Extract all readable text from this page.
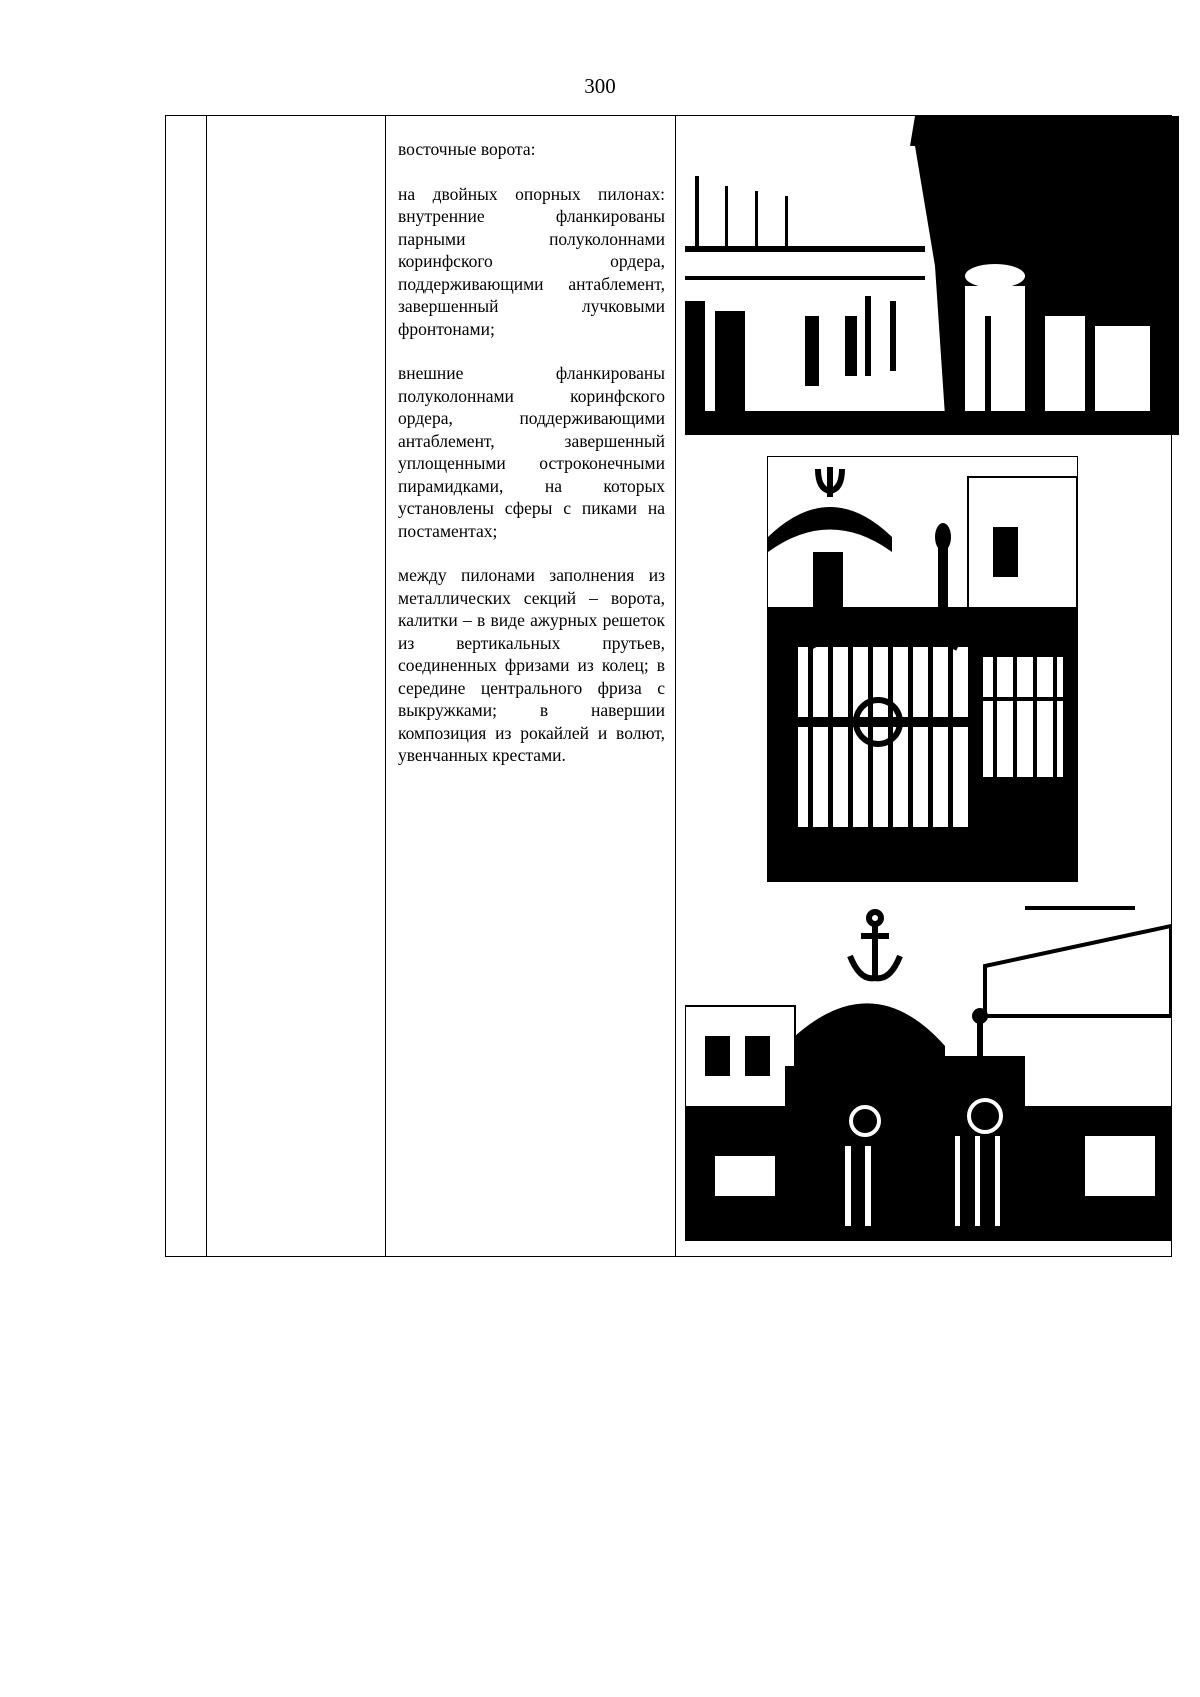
300

восточные ворота:

на двойных опорных пилонах: внутренние фланкированы парными полуколоннами коринфского ордера, поддерживающими антаблемент, завершенный лучковыми фронтонами;

внешние фланкированы полуколоннами коринфского ордера, поддерживающими антаблемент, завершенный уплощенными остроконечными пирамидками, на которых установлены сферы с пиками на постаментах;

между пилонами заполнения из металлических секций – ворота, калитки – в виде ажурных решеток из вертикальных прутьев, соединенных фризами из колец; в середине центрального фриза с выкружками; в навершии композиция из рокайлей и волют, увенчанных крестами.
